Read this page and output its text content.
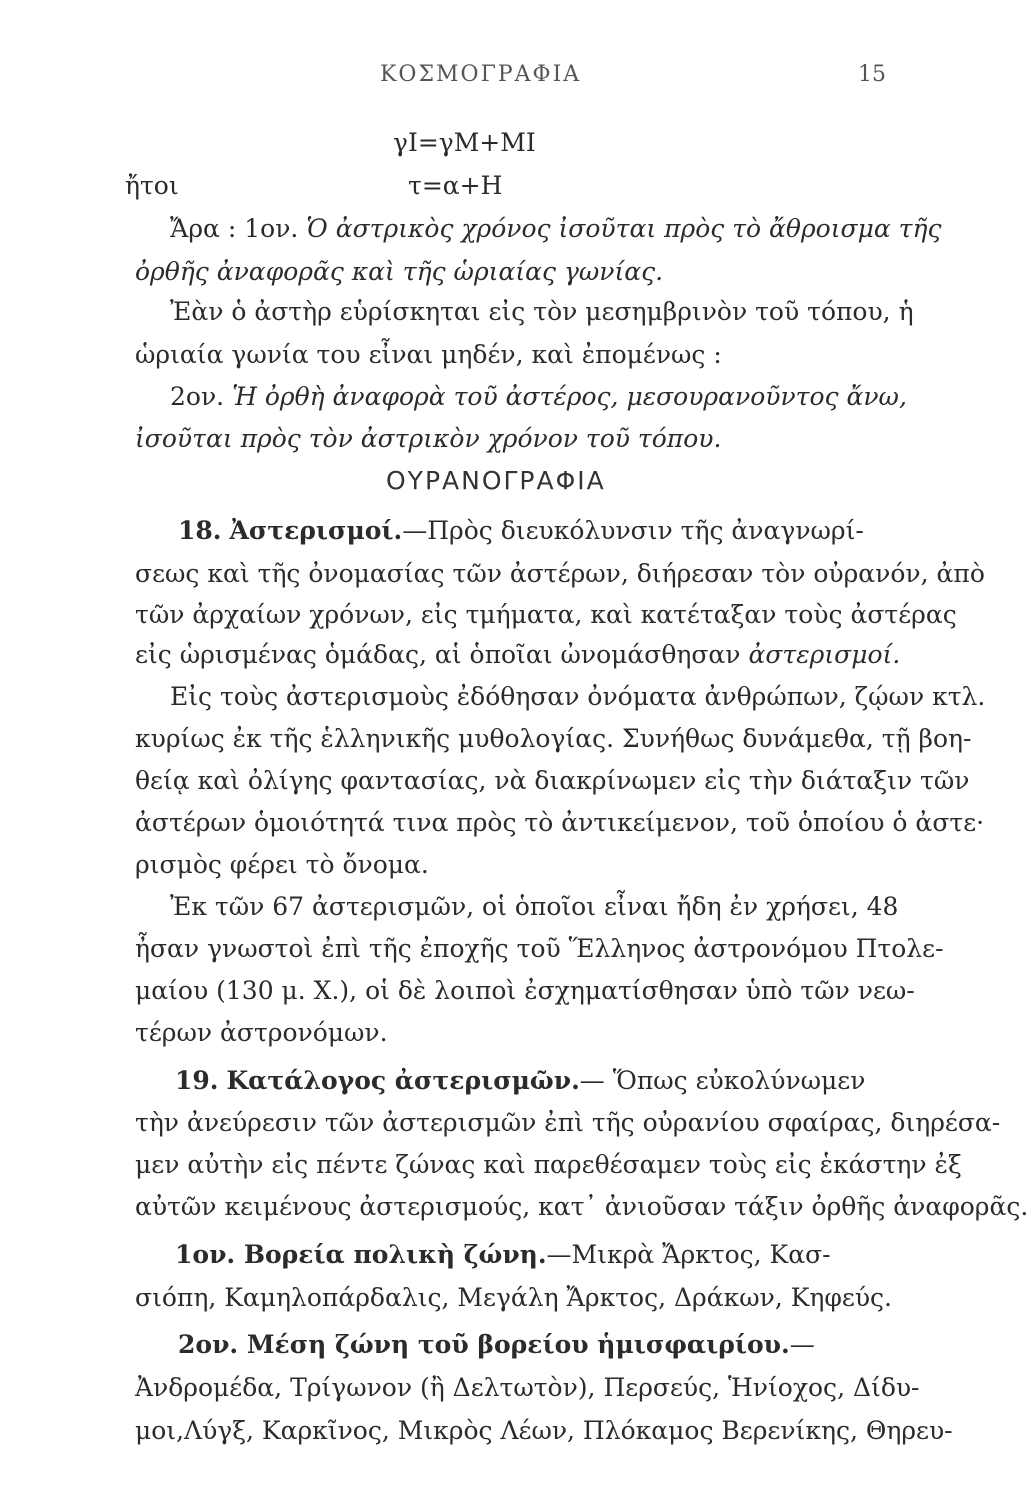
ΚΟΣΜΟΓΡΑΦΙΑ	15
γΙ=γΜ+ΜΙ
ἤτοι	τ=α+Η
Ἄρα : 1ον. Ὁ ἀστρικὸς χρόνος ἰσοῦται πρὸς τὸ ἄθροισμα τῆς
ὀρθῆς ἀναφορᾶς καὶ τῆς ὡριαίας γωνίας.
Ἐὰν ὁ ἀστὴρ εὑρίσκηται εἰς τὸν μεσημβρινὸν τοῦ τόπου, ἡ
ὡριαία γωνία του εἶναι μηδέν, καὶ ἐπομένως :
2ον. Ἡ ὀρθὴ ἀναφορὰ τοῦ ἀστέρος, μεσουρανοῦντος ἄνω,
ἰσοῦται πρὸς τὸν ἀστρικὸν χρόνον τοῦ τόπου.
ΟΥΡΑΝΟΓΡΑΦΙΑ
18. Ἀστερισμοί.—Πρὸς διευκόλυνσιν τῆς ἀναγνωρί-
σεως καὶ τῆς ὀνομασίας τῶν ἀστέρων, διήρεσαν τὸν οὐρανόν, ἀπὸ
τῶν ἀρχαίων χρόνων, εἰς τμήματα, καὶ κατέταξαν τοὺς ἀστέρας
εἰς ὡρισμένας ὁμάδας, αἱ ὁποῖαι ὠνομάσθησαν ἀστερισμοί.
Εἰς τοὺς ἀστερισμοὺς ἐδόθησαν ὀνόματα ἀνθρώπων, ζῴων κτλ.
κυρίως ἐκ τῆς ἑλληνικῆς μυθολογίας. Συνήθως δυνάμεθα, τῇ βοη-
θείᾳ καὶ ὀλίγης φαντασίας, νὰ διακρίνωμεν εἰς τὴν διάταξιν τῶν
ἀστέρων ὁμοιότητά τινα πρὸς τὸ ἀντικείμενον, τοῦ ὁποίου ὁ ἀστε·
ρισμὸς φέρει τὸ ὄνομα.
Ἐκ τῶν 67 ἀστερισμῶν, οἱ ὁποῖοι εἶναι ἤδη ἐν χρήσει, 48
ἦσαν γνωστοὶ ἐπὶ τῆς ἐποχῆς τοῦ Ἕλληνος ἀστρονόμου Πτολε-
μαίου (130 μ. Χ.), οἱ δὲ λοιποὶ ἐσχηματίσθησαν ὑπὸ τῶν νεω-
τέρων ἀστρονόμων.
19. Κατάλογος ἀστερισμῶν.— Ὅπως εὐκολύνωμεν
τὴν ἀνεύρεσιν τῶν ἀστερισμῶν ἐπὶ τῆς οὐρανίου σφαίρας, διηρέσα-
μεν αὐτὴν εἰς πέντε ζώνας καὶ παρεθέσαμεν τοὺς εἰς ἑκάστην ἐξ
αὐτῶν κειμένους ἀστερισμούς, κατ᾿ ἀνιοῦσαν τάξιν ὀρθῆς ἀναφορᾶς.
1ον. Βορεία πολικὴ ζώνη.—Μικρὰ Ἄρκτος, Κασ-
σιόπη, Καμηλοπάρδαλις, Μεγάλη Ἄρκτος, Δράκων, Κηφεύς.
2ον. Μέση ζώνη τοῦ βορείου ἡμισφαιρίου.—
Ἀνδρομέδα, Τρίγωνον (ἢ Δελτωτὸν), Περσεύς, Ἡνίοχος, Δίδυ-
μοι,Λύγξ, Καρκῖνος, Μικρὸς Λέων, Πλόκαμος Βερενίκης, Θηρευ-
